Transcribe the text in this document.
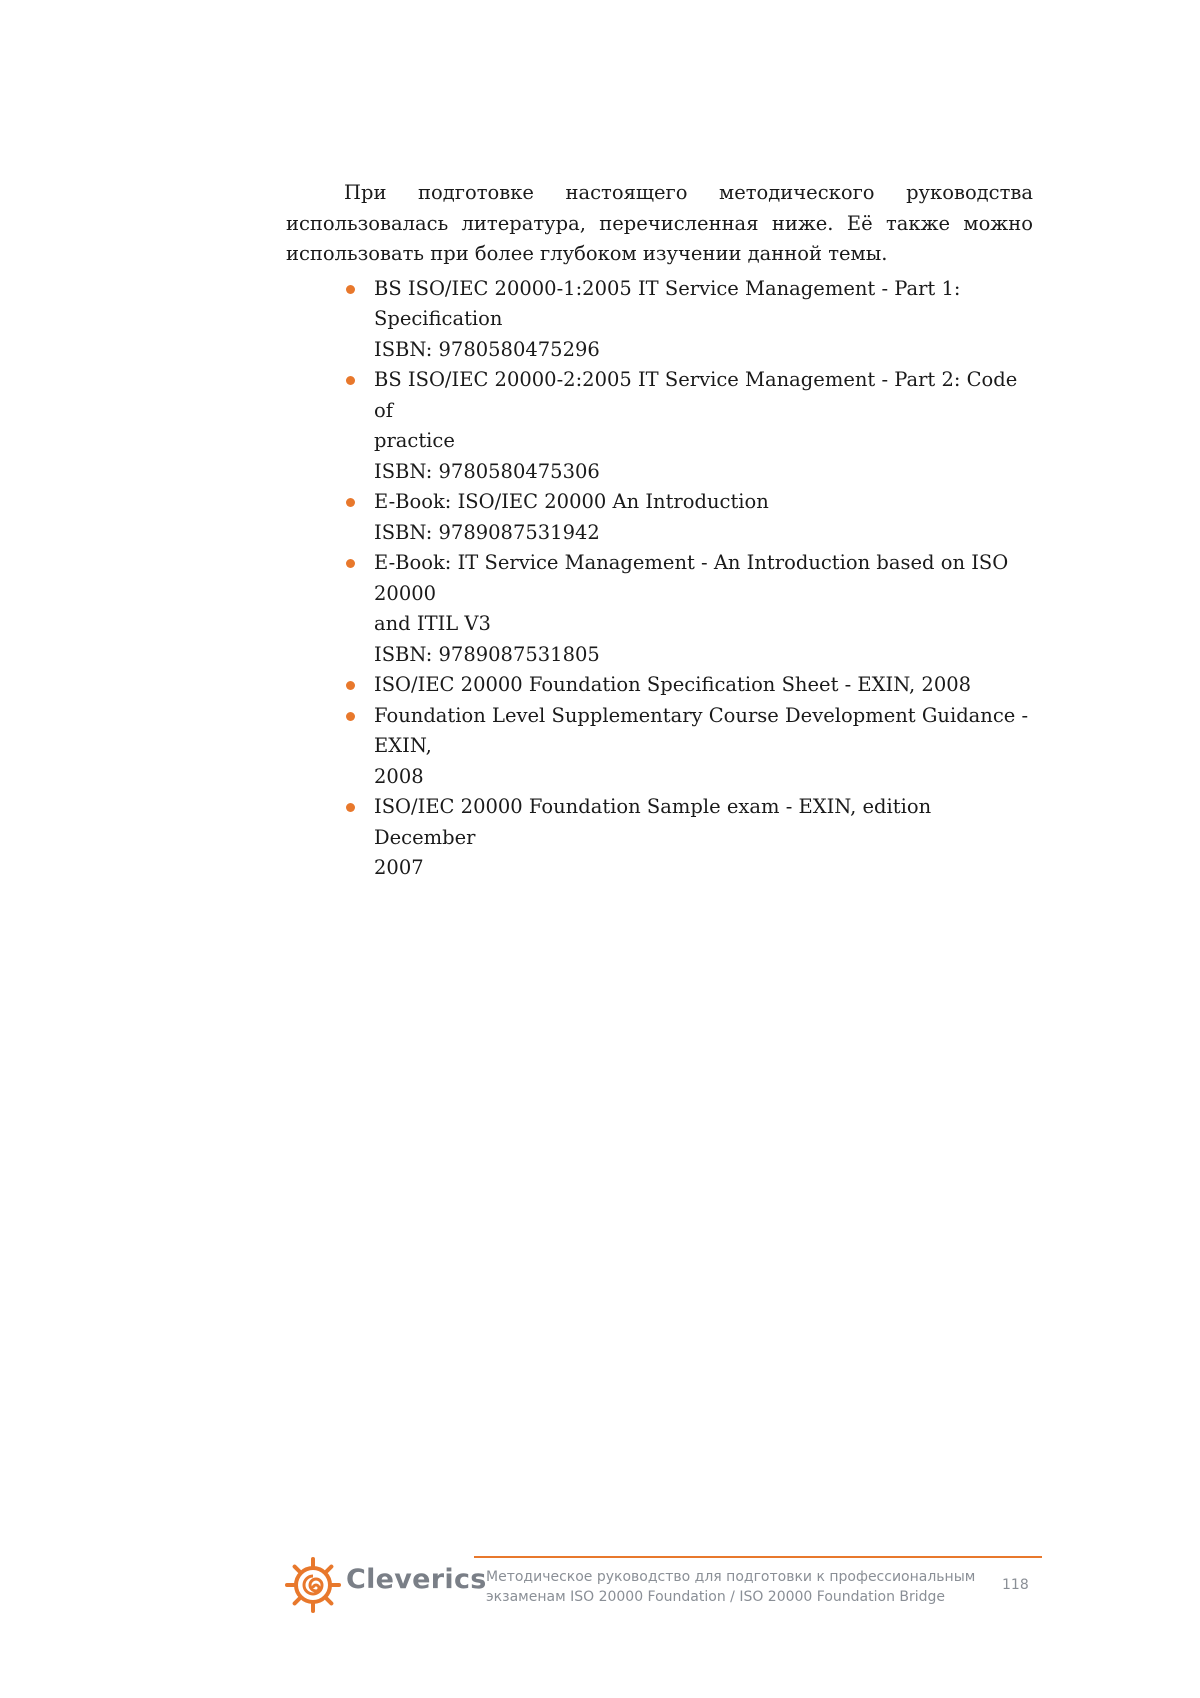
При подготовке настоящего методического руководства использовалась литература, перечисленная ниже. Её также можно использовать при более глубоком изучении данной темы.

BS ISO/IEC 20000-1:2005 IT Service Management - Part 1: Specification
ISBN: 9780580475296
BS ISO/IEC 20000-2:2005 IT Service Management - Part 2: Code of
practice
ISBN: 9780580475306
E-Book: ISO/IEC 20000 An Introduction
ISBN: 9789087531942
E-Book: IT Service Management - An Introduction based on ISO 20000
and ITIL V3
ISBN: 9789087531805
ISO/IEC 20000 Foundation Specification Sheet - EXIN, 2008
Foundation Level Supplementary Course Development Guidance - EXIN,
2008
ISO/IEC 20000 Foundation Sample exam - EXIN, edition December
2007
Cleverics Методическое руководство для подготовки к профессиональным
экзаменам ISO 20000 Foundation / ISO 20000 Foundation Bridge
118
